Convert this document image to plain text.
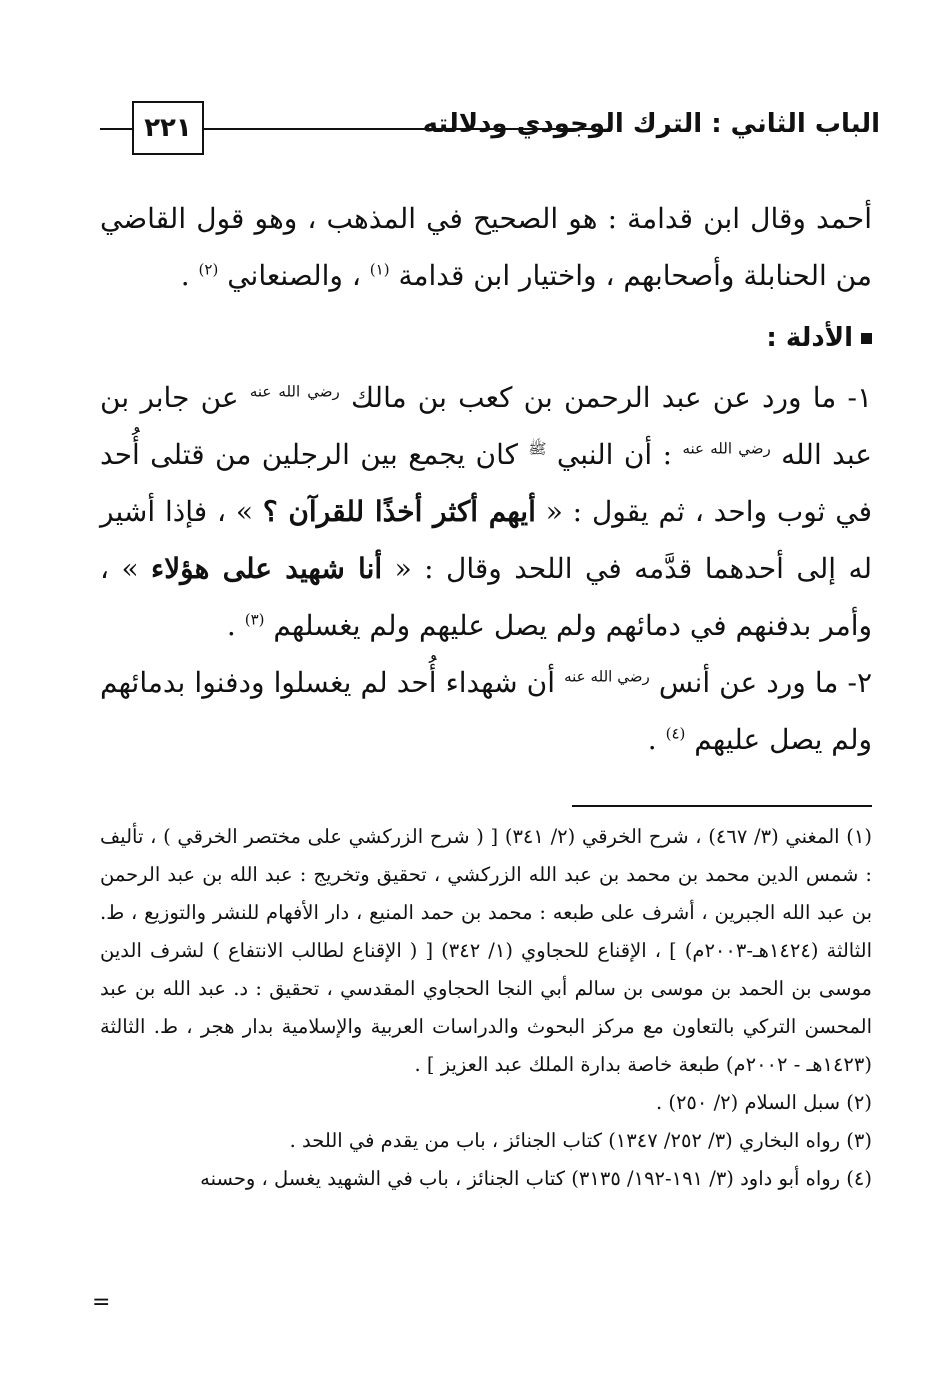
٢٢١	الباب الثاني : الترك الوجودي ودلالته

أحمد وقال ابن قدامة : هو الصحيح في المذهب ، وهو قول القاضي من الحنابلة وأصحابهم ، واختيار ابن قدامة $^{(١)}$ ، والصنعاني $^{(٢)}$ .

الأدلة :

١- ما ورد عن عبد الرحمن بن كعب بن مالك $^{رضي الله عنه}$ عن جابر بن عبد الله $^{رضي الله عنه}$ : أن النبي $^ﷺ$ كان يجمع بين الرجلين من قتلى أُحد في ثوب واحد ، ثم يقول : « أيهم أكثر أخذًا للقرآن ؟ » ، فإذا أشير له إلى أحدهما قدَّمه في اللحد وقال : « أنا شهيد على هؤلاء » ، وأمر بدفنهم في دمائهم ولم يصل عليهم ولم يغسلهم $^{(٣)}$ .

٢- ما ورد عن أنس $^{رضي الله عنه}$ أن شهداء أُحد لم يغسلوا ودفنوا بدمائهم ولم يصل عليهم $^{(٤)}$ .

(١) المغني (٣/ ٤٦٧) ، شرح الخرقي (٢/ ٣٤١) [ ( شرح الزركشي على مختصر الخرقي ) ، تأليف : شمس الدين محمد بن محمد بن عبد الله الزركشي ، تحقيق وتخريج : عبد الله بن عبد الرحمن بن عبد الله الجبرين ، أشرف على طبعه : محمد بن حمد المنيع ، دار الأفهام للنشر والتوزيع ، ط. الثالثة (١٤٢٤هـ-٢٠٠٣م) ] ، الإقناع للحجاوي (١/ ٣٤٢) [ ( الإقناع لطالب الانتفاع ) لشرف الدين موسى بن الحمد بن موسى بن سالم أبي النجا الحجاوي المقدسي ، تحقيق : د. عبد الله بن عبد المحسن التركي بالتعاون مع مركز البحوث والدراسات العربية والإسلامية بدار هجر ، ط. الثالثة (١٤٢٣هـ - ٢٠٠٢م) طبعة خاصة بدارة الملك عبد العزيز ] .

(٢) سبل السلام (٢/ ٢٥٠) .

(٣) رواه البخاري (٣/ ٢٥٢/ ١٣٤٧) كتاب الجنائز ، باب من يقدم في اللحد .

(٤) رواه أبو داود (٣/ ١٩١-١٩٢/ ٣١٣٥) كتاب الجنائز ، باب في الشهيد يغسل ، وحسنه

=
